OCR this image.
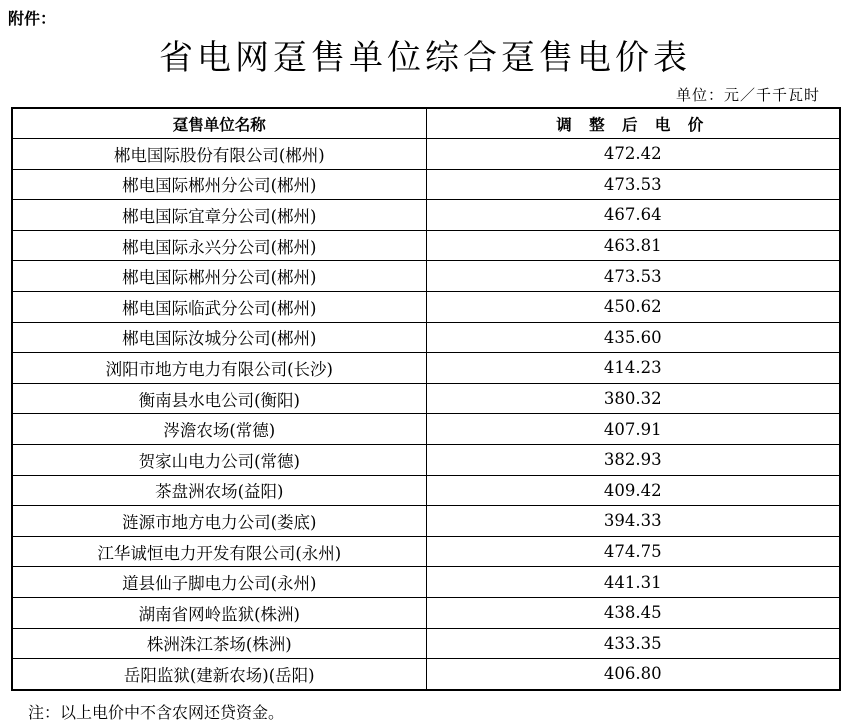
附件：
省电网趸售单位综合趸售电价表
单位：元／千千瓦时
趸售单位名称	调 整 后 电 价
郴电国际股份有限公司(郴州)	472.42
郴电国际郴州分公司(郴州)	473.53
郴电国际宜章分公司(郴州)	467.64
郴电国际永兴分公司(郴州)	463.81
郴电国际郴州分公司(郴州)	473.53
郴电国际临武分公司(郴州)	450.62
郴电国际汝城分公司(郴州)	435.60
浏阳市地方电力有限公司(长沙)	414.23
衡南县水电公司(衡阳)	380.32
涔澹农场(常德)	407.91
贺家山电力公司(常德)	382.93
茶盘洲农场(益阳)	409.42
涟源市地方电力公司(娄底)	394.33
江华诚恒电力开发有限公司(永州)	474.75
道县仙子脚电力公司(永州)	441.31
湖南省网岭监狱(株洲)	438.45
株洲洙江茶场(株洲)	433.35
岳阳监狱(建新农场)(岳阳)	406.80
注：以上电价中不含农网还贷资金。
